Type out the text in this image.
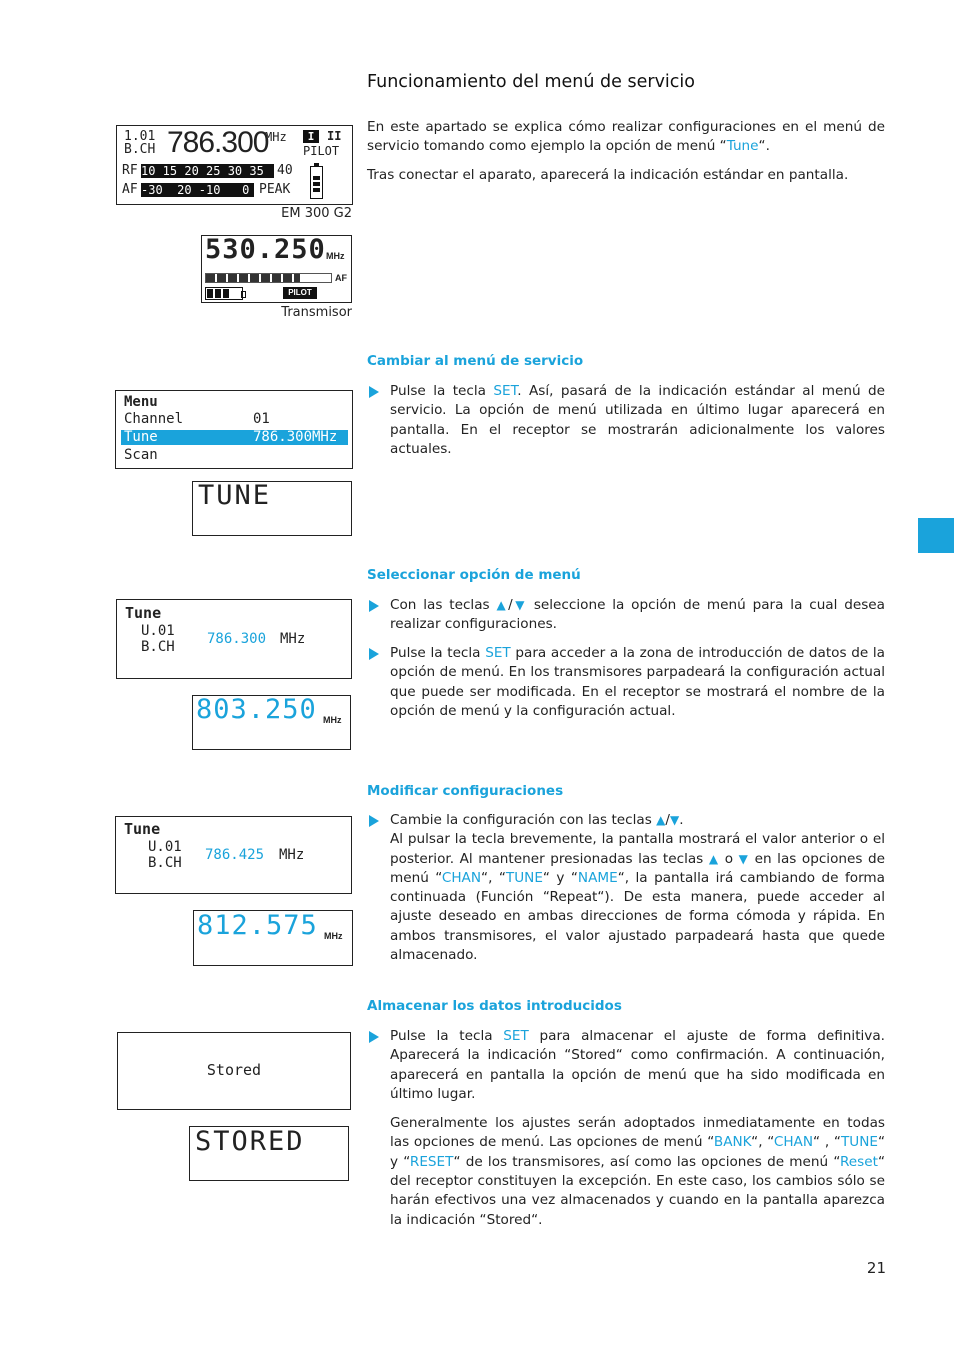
Funcionamiento del menú de servicio

En este apartado se explica cómo realizar configuraciones en el menú de servicio tomando como ejemplo la opción de menú “Tune“.

Tras conectar el aparato, aparecerá la indicación estándar en pantalla.

1.01
B.CH 786.300
MHz	I	II
PILOT
RF 10 15 20 25 30 35	40
AF -30  20 -10   0 PEAK
EM 300 G2
530.250 MHz
AF
PILOT
Transmisor
Cambiar al menú de servicio

Pulse la tecla SET. Así, pasará de la indicación estándar al menú de servicio. La opción de menú utilizada en último lugar aparecerá en pantalla. En el receptor se mostrarán adicionalmente los valores actuales.

Menu
Channel	01
Tune	786.300MHz
Scan
TUNE
Seleccionar opción de menú

Con las teclas ▲/▼ seleccione la opción de menú para la cual desea realizar configuraciones.

Pulse la tecla SET para acceder a la zona de introducción de datos de la opción de menú. En los transmisores parpadeará la configuración actual que puede ser modificada. En el receptor se mostrará el nombre de la opción de menú y la configuración actual.

Tune
U.01
B.CH 786.300 MHz
803.250 MHz
Modificar configuraciones

Cambie la configuración con las teclas ▲/▼.
Al pulsar la tecla brevemente, la pantalla mostrará el valor anterior o el posterior. Al mantener presionadas las teclas ▲ o ▼ en las opciones de menú “CHAN“, “TUNE“ y “NAME“, la pantalla irá cambiando de forma continuada (Función “Repeat“). De esta manera, puede acceder al ajuste deseado en ambas direcciones de forma cómoda y rápida. En ambos transmisores, el valor ajustado parpadeará hasta que quede almacenado.

Tune
U.01
B.CH 786.425 MHz
812.575 MHz
Almacenar los datos introducidos

Pulse la tecla SET para almacenar el ajuste de forma definitiva. Aparecerá la indicación “Stored“ como confirmación. A continuación, aparecerá en pantalla la opción de menú que ha sido modificada en último lugar.

Generalmente los ajustes serán adoptados inmediatamente en todas las opciones de menú. Las opciones de menú “BANK“, “CHAN“ , “TUNE“ y “RESET“ de los transmisores, así como las opciones de menú “Reset“ del receptor constituyen la excepción. En este caso, los cambios sólo se harán efectivos una vez almacenados y cuando en la pantalla aparezca la indicación “Stored“.

Stored
STORED
21
